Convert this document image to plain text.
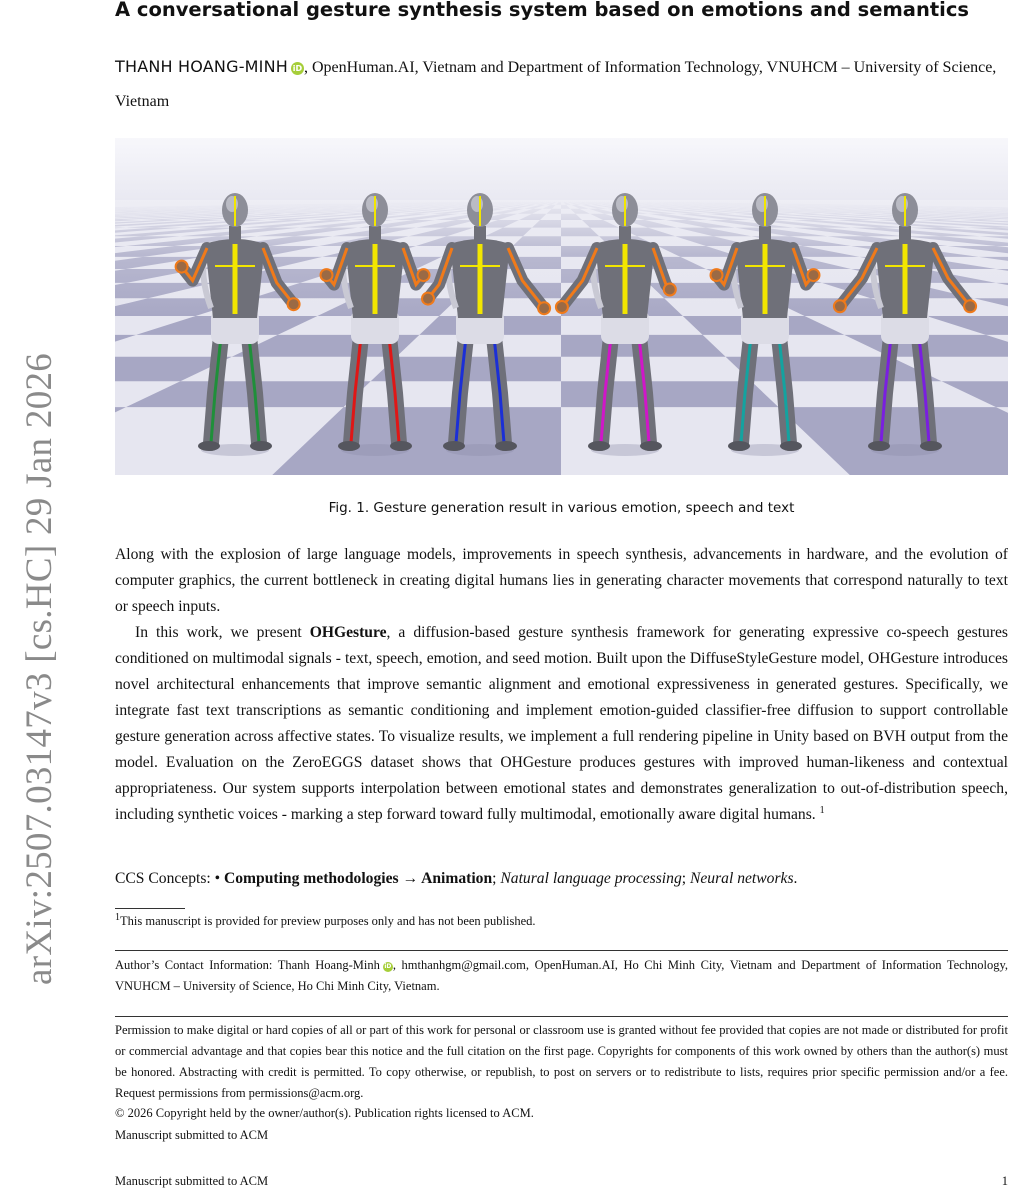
arXiv:2507.03147v3 [cs.HC] 29 Jan 2026
A conversational gesture synthesis system based on emotions and semantics
THANH HOANG-MINH iD , OpenHuman.AI, Vietnam and Department of Information Technology, VNUHCM – University of Science, Vietnam
Fig. 1. Gesture generation result in various emotion, speech and text

Along with the explosion of large language models, improvements in speech synthesis, advancements in hardware, and the evolution of computer graphics, the current bottleneck in creating digital humans lies in generating character movements that correspond naturally to text or speech inputs.

In this work, we present OHGesture, a diffusion-based gesture synthesis framework for generating expressive co-speech gestures conditioned on multimodal signals - text, speech, emotion, and seed motion. Built upon the DiffuseStyleGesture model, OHGesture introduces novel architectural enhancements that improve semantic alignment and emotional expressiveness in generated gestures. Specifically, we integrate fast text transcriptions as semantic conditioning and implement emotion-guided classifier-free diffusion to support controllable gesture generation across affective states. To visualize results, we implement a full rendering pipeline in Unity based on BVH output from the model. Evaluation on the ZeroEGGS dataset shows that OHGesture produces gestures with improved human-likeness and contextual appropriateness. Our system supports interpolation between emotional states and demonstrates generalization to out-of-distribution speech, including synthetic voices - marking a step forward toward fully multimodal, emotionally aware digital humans. $^1$

CCS Concepts: • Computing methodologies → Animation; Natural language processing; Neural networks.
$^1$This manuscript is provided for preview purposes only and has not been published.
Author’s Contact Information: Thanh Hoang-Minh iD, hmthanhgm@gmail.com, OpenHuman.AI, Ho Chi Minh City, Vietnam and Department of Information Technology, VNUHCM – University of Science, Ho Chi Minh City, Vietnam.
Permission to make digital or hard copies of all or part of this work for personal or classroom use is granted without fee provided that copies are not made or distributed for profit or commercial advantage and that copies bear this notice and the full citation on the first page. Copyrights for components of this work owned by others than the author(s) must be honored. Abstracting with credit is permitted. To copy otherwise, or republish, to post on servers or to redistribute to lists, requires prior specific permission and/or a fee. Request permissions from permissions@acm.org.
© 2026 Copyright held by the owner/author(s). Publication rights licensed to ACM.
Manuscript submitted to ACM
Manuscript submitted to ACM	1
